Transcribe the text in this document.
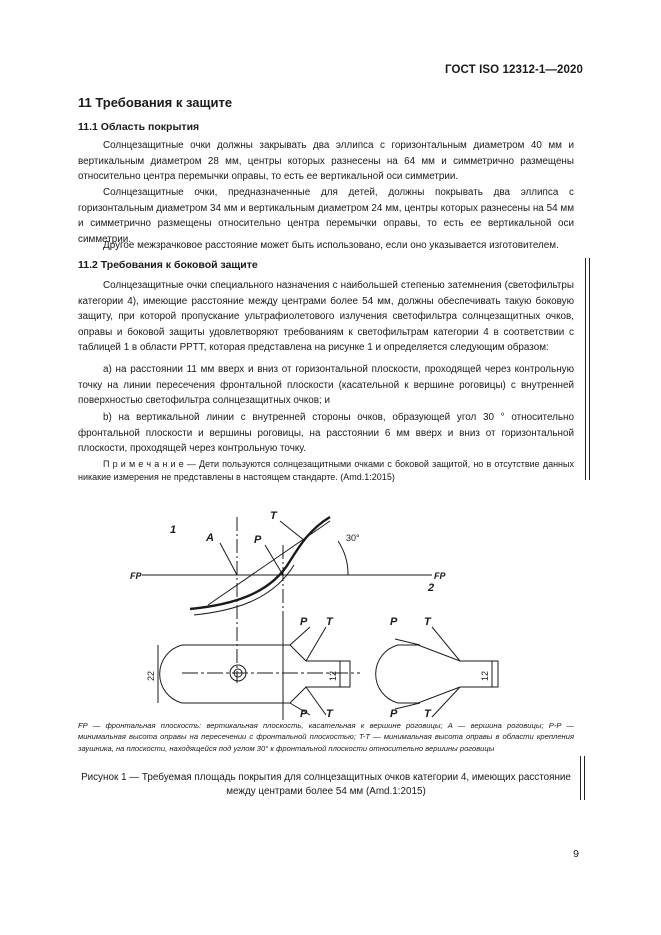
ГОСТ ISO 12312-1—2020
11 Требования к защите
11.1 Область покрытия
Солнцезащитные очки должны закрывать два эллипса с горизонтальным диаметром 40 мм и вертикальным диаметром 28 мм, центры которых разнесены на 64 мм и симметрично размещены относительно центра перемычки оправы, то есть ее вертикальной оси симметрии.
Солнцезащитные очки, предназначенные для детей, должны покрывать два эллипса с горизонтальным диаметром 34 мм и вертикальным диаметром 24 мм, центры которых разнесены на 54 мм и симметрично размещены относительно центра перемычки оправы, то есть ее вертикальной оси симметрии.
Другое межзрачковое расстояние может быть использовано, если оно указывается изготовителем.
11.2 Требования к боковой защите
Солнцезащитные очки специального назначения с наибольшей степенью затемнения (светофильтры категории 4), имеющие расстояние между центрами более 54 мм, должны обеспечивать такую боковую защиту, при которой пропускание ультрафиолетового излучения светофильтра солнцезащитных очков, оправы и боковой защиты удовлетворяют требованиям к светофильтрам категории 4 в соответствии с таблицей 1 в области PPTT, которая представлена на рисунке 1 и определяется следующим образом:
a) на расстоянии 11 мм вверх и вниз от горизонтальной плоскости, проходящей через контрольную точку на линии пересечения фронтальной плоскости (касательной к вершине роговицы) с внутренней поверхностью светофильтра солнцезащитных очков; и
b) на вертикальной линии с внутренней стороны очков, образующей угол 30 ° относительно фронтальной плоскости и вершины роговицы, на расстоянии 6 мм вверх и вниз от горизонтальной плоскости, проходящей через контрольную точку.
П р и м е ч а н и е — Дети пользуются солнцезащитными очками с боковой защитой, но в отсутствие данных никакие измерения не представлены в настоящем стандарте. (Amd.1:2015)
1
A	P
T
2
P T
P T
P T
P T
FP	FP
30°
22	12	12
FP — фронтальная плоскость: вертикальная плоскость, касательная к вершине роговицы; A — вершина роговицы; P-P — минимальная высота оправы на пересечении с фронтальной плоскостью; T-T — минимальная высота оправы в области крепления заушника, на плоскости, находящейся под углом 30° к фронтальной плоскости относительно вершины роговицы
Рисунок 1 — Требуемая площадь покрытия для солнцезащитных очков категории 4, имеющих расстояние между центрами более 54 мм (Amd.1:2015)
9
